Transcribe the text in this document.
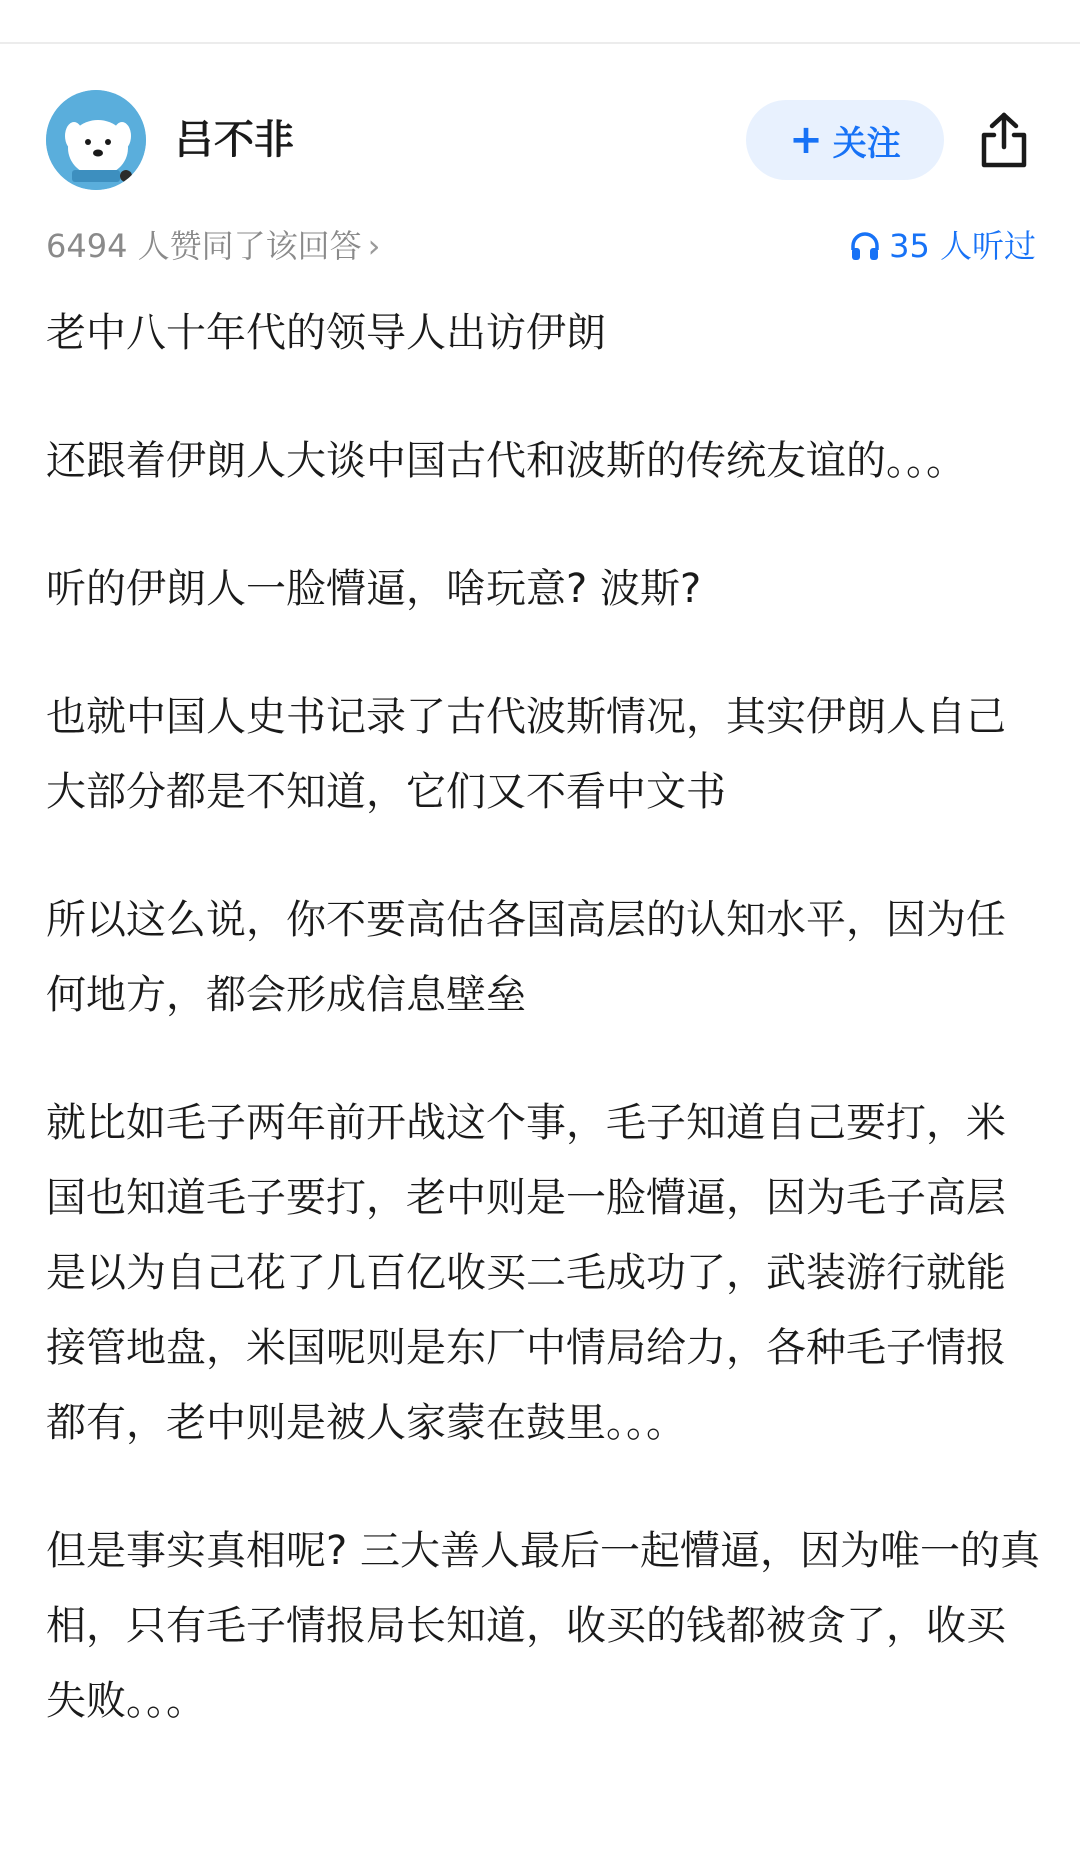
吕不非	+ 关注
6494 人赞同了该回答 ›	35 人听过

老中八十年代的领导人出访伊朗

还跟着伊朗人大谈中国古代和波斯的传统友谊的。。。

听的伊朗人一脸懵逼，啥玩意? 波斯?

也就中国人史书记录了古代波斯情况，其实伊朗人自己大部分都是不知道，它们又不看中文书

所以这么说，你不要高估各国高层的认知水平，因为任何地方，都会形成信息壁垒

就比如毛子两年前开战这个事，毛子知道自己要打，米国也知道毛子要打，老中则是一脸懵逼，因为毛子高层是以为自己花了几百亿收买二毛成功了，武装游行就能接管地盘，米国呢则是东厂中情局给力，各种毛子情报都有，老中则是被人家蒙在鼓里。。。

但是事实真相呢? 三大善人最后一起懵逼，因为唯一的真相，只有毛子情报局长知道，收买的钱都被贪了，收买失败。。。
